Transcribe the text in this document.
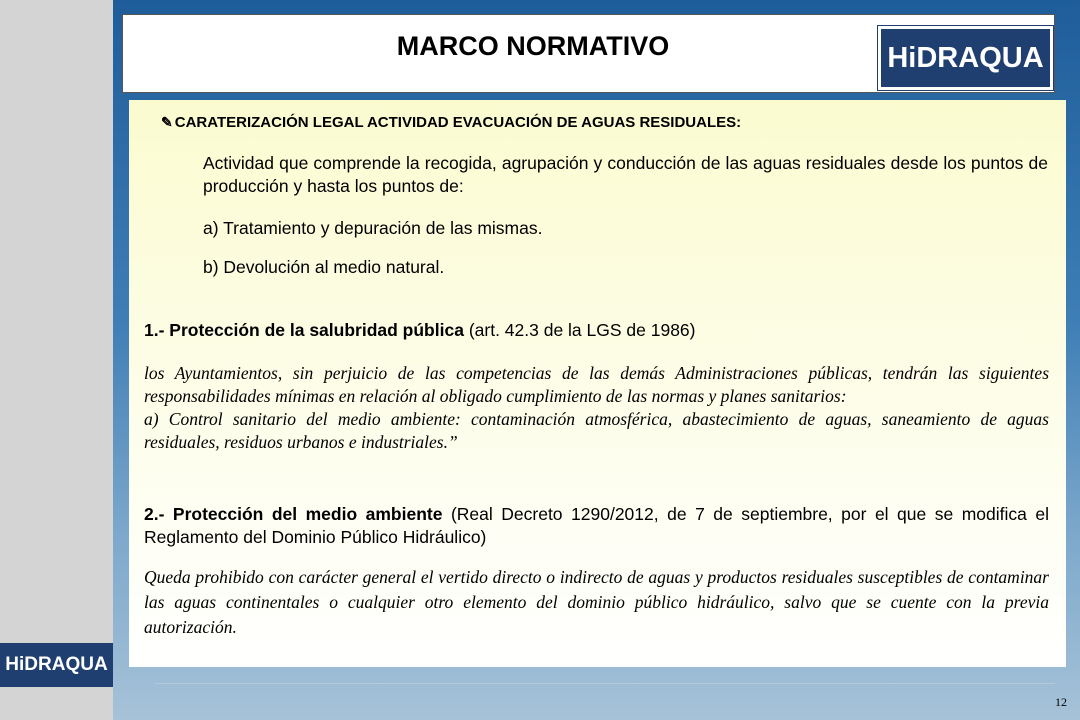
HiDRAQUA
MARCO NORMATIVO	HiDRAQUA
✎ CARATERIZACIÓN LEGAL ACTIVIDAD EVACUACIÓN DE AGUAS RESIDUALES:
Actividad que comprende la recogida, agrupación y conducción de las aguas residuales desde los puntos de producción y hasta los puntos de:
a) Tratamiento y depuración de las mismas.
b) Devolución al medio natural.
1.- Protección de la salubridad pública (art. 42.3 de la LGS de 1986)
los Ayuntamientos, sin perjuicio de las competencias de las demás Administraciones públicas, tendrán las siguientes responsabilidades mínimas en relación al obligado cumplimiento de las normas y planes sanitarios:
a) Control sanitario del medio ambiente: contaminación atmosférica, abastecimiento de aguas, saneamiento de aguas residuales, residuos urbanos e industriales.”
2.- Protección del medio ambiente (Real Decreto 1290/2012, de 7 de septiembre, por el que se modifica el Reglamento del Dominio Público Hidráulico)
Queda prohibido con carácter general el vertido directo o indirecto de aguas y productos residuales susceptibles de contaminar las aguas continentales o cualquier otro elemento del dominio público hidráulico, salvo que se cuente con la previa autorización.
12
